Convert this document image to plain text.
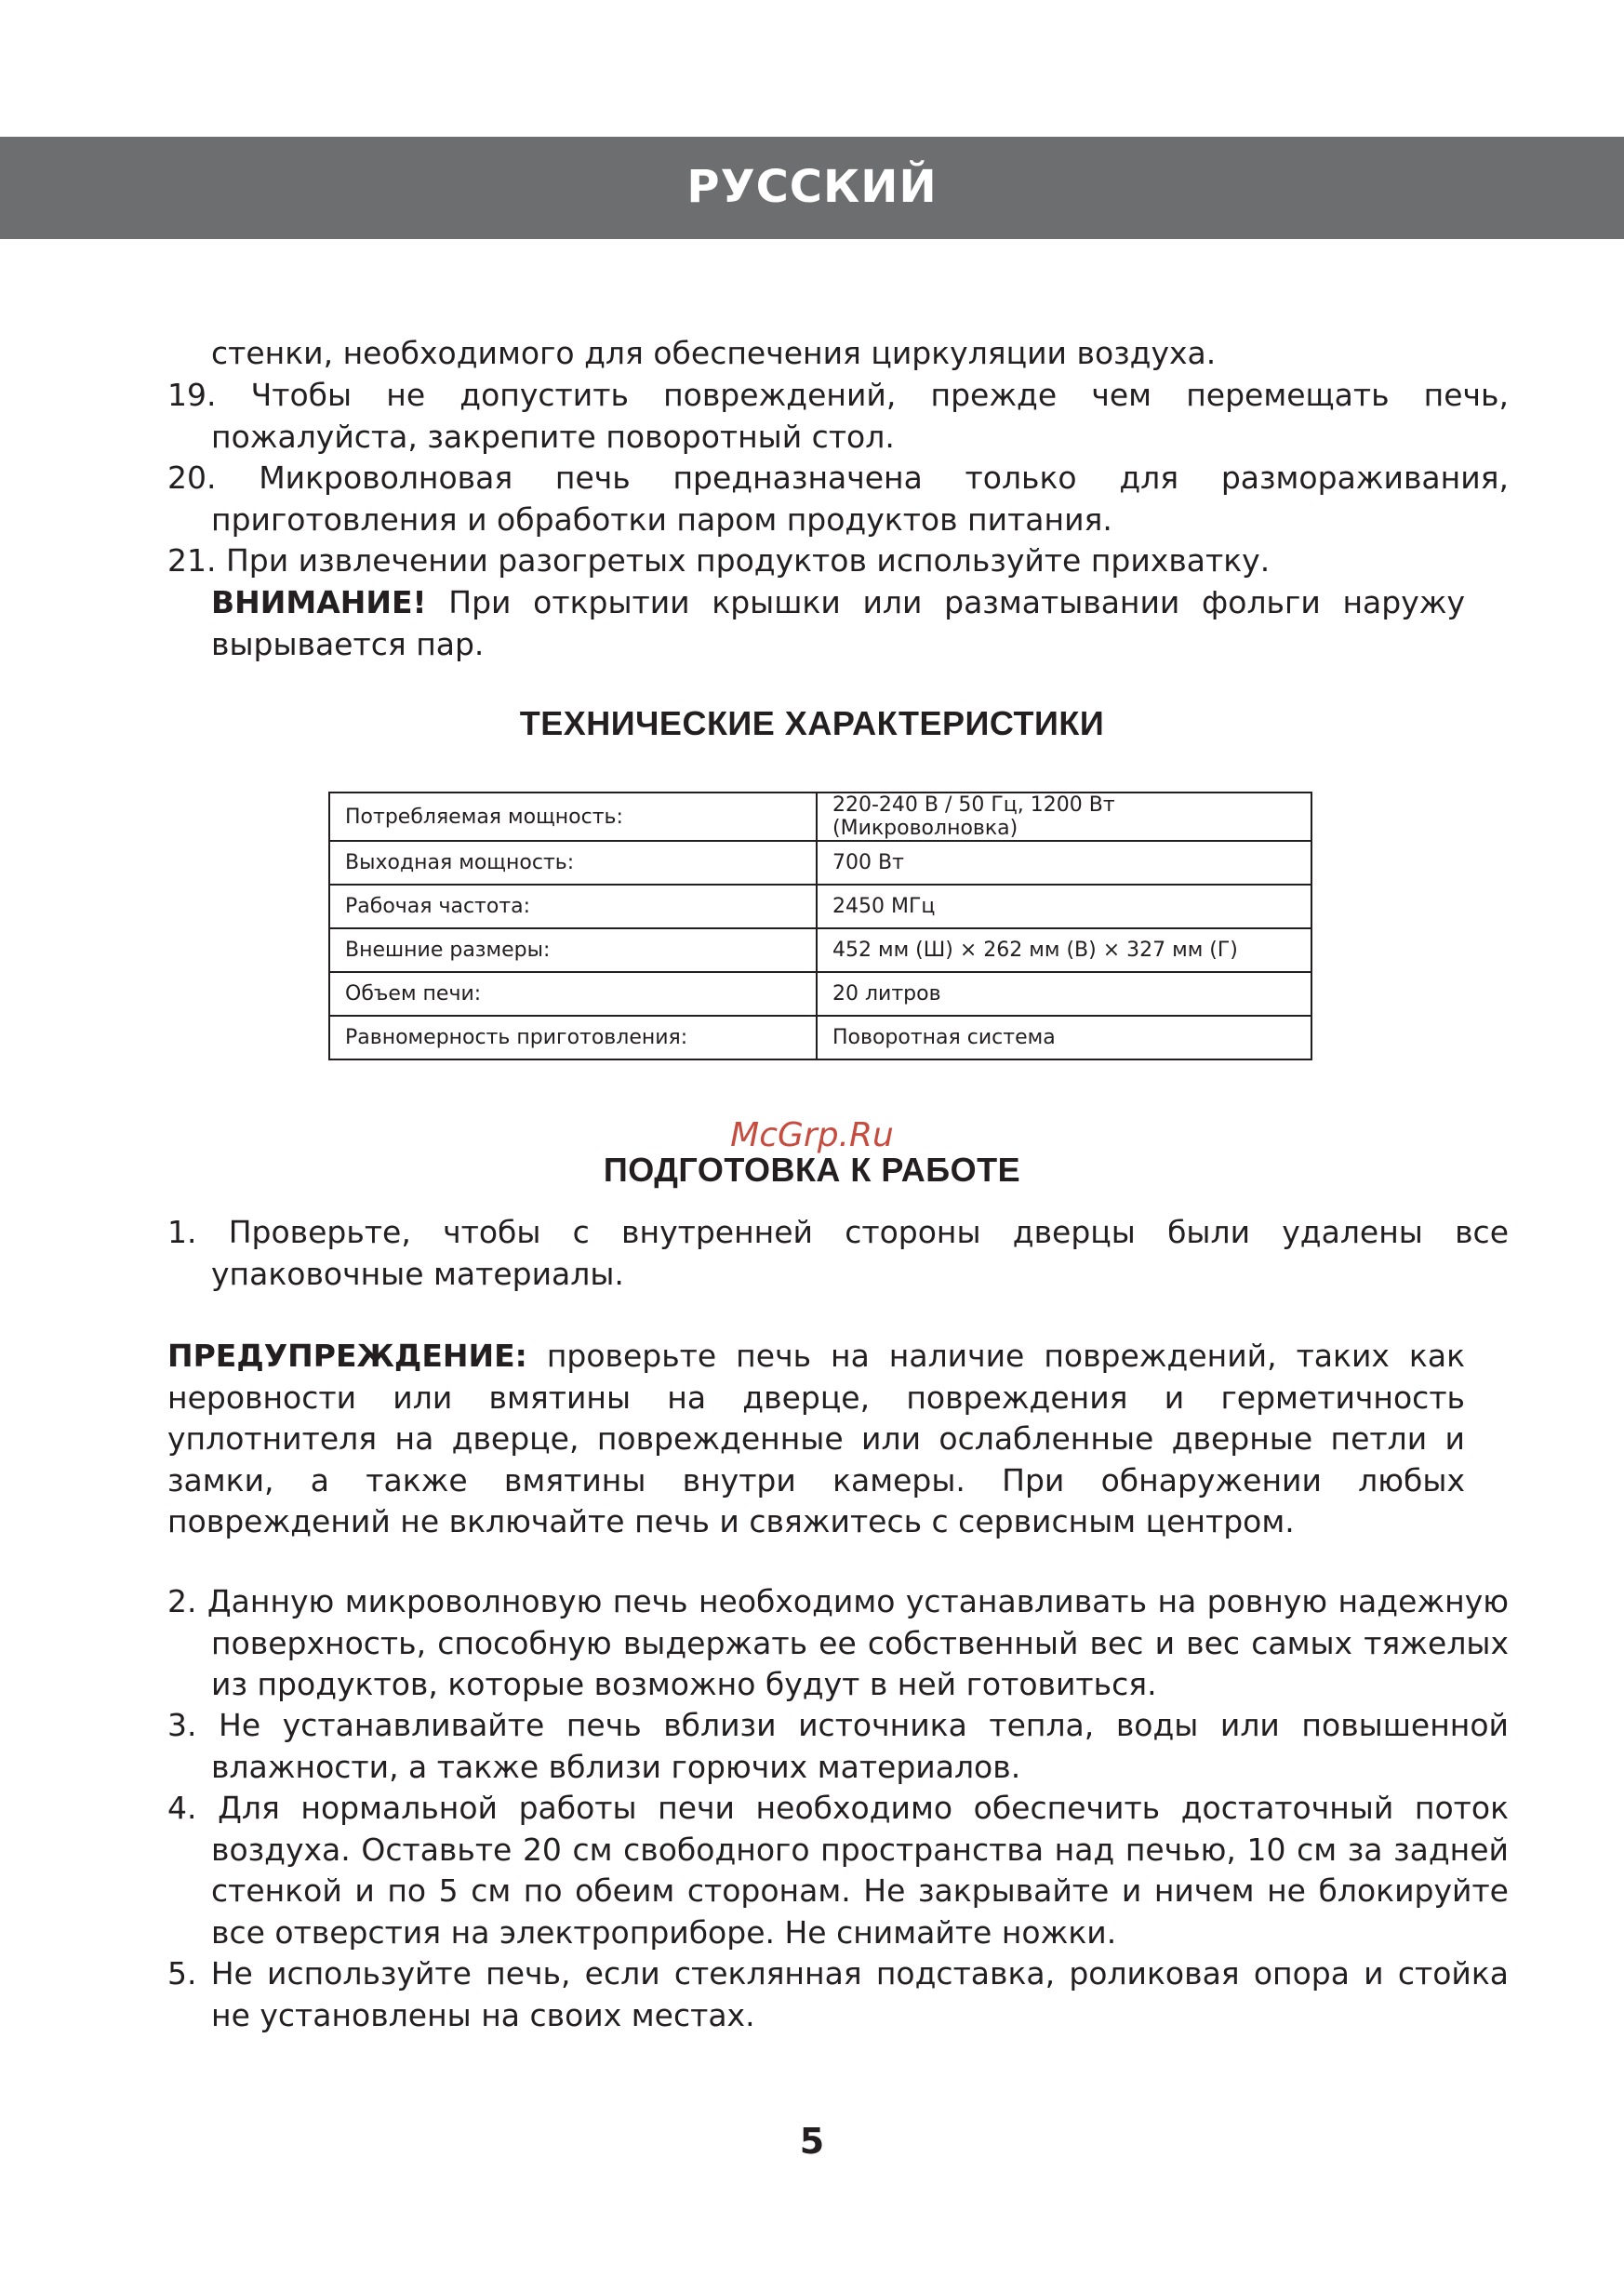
РУССКИЙ

стенки, необходимого для обеспечения циркуляции воздуха.

19. Чтобы не допустить повреждений, прежде чем перемещать печь, пожалуйста, закрепите поворотный стол.

20. Микроволновая печь предназначена только для размораживания, приготовления и обработки паром продуктов питания.

21. При извлечении разогретых продуктов используйте прихватку.

ВНИМАНИЕ! При открытии крышки или разматывании фольги наружу вырывается пар.

ТЕХНИЧЕСКИЕ ХАРАКТЕРИСТИКИ
Потребляемая мощность:	220-240 В / 50 Гц, 1200 Вт (Микроволновка)
Выходная мощность:	700 Вт
Рабочая частота:	2450 МГц
Внешние размеры:	452 мм (Ш) × 262 мм (В) × 327 мм (Г)
Объем печи:	20 литров
Равномерность приготовления:	Поворотная система
McGrp.Ru
ПОДГОТОВКА К РАБОТЕ

1. Проверьте, чтобы с внутренней стороны дверцы были удалены все упаковочные материалы.

ПРЕДУПРЕЖДЕНИЕ: проверьте печь на наличие повреждений, таких как неровности или вмятины на дверце, повреждения и герметичность уплотнителя на дверце, поврежденные или ослабленные дверные петли и замки, а также вмятины внутри камеры. При обнаружении любых повреждений не включайте печь и свяжитесь с сервисным центром.

2. Данную микроволновую печь необходимо устанавливать на ровную надежную поверхность, способную выдержать ее собственный вес и вес самых тяжелых из продуктов, которые возможно будут в ней готовиться.

3. Не устанавливайте печь вблизи источника тепла, воды или повышенной влажности, а также вблизи горючих материалов.

4. Для нормальной работы печи необходимо обеспечить достаточный поток воздуха. Оставьте 20 см свободного пространства над печью, 10 см за задней стенкой и по 5 см по обеим сторонам. Не закрывайте и ничем не блокируйте все отверстия на электроприборе. Не снимайте ножки.

5. Не используйте печь, если стеклянная подставка, роликовая опора и стойка не установлены на своих местах.

5
